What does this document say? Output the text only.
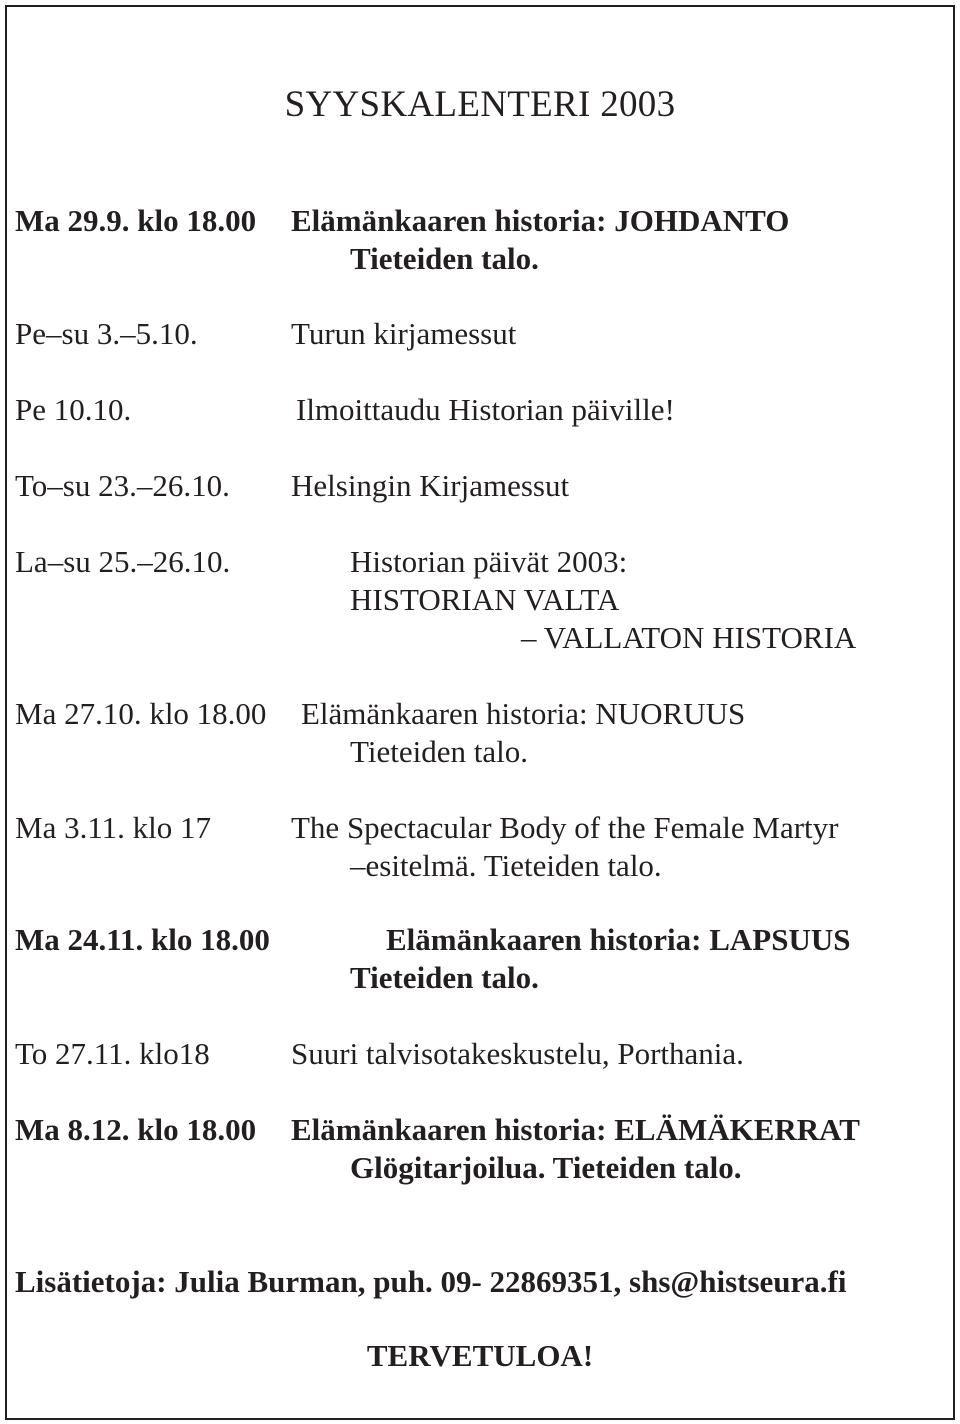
SYYSKALENTERI 2003
Ma 29.9. klo 18.00 Elämänkaaren historia: JOHDANTO
Tieteiden talo.
Pe–su 3.–5.10.	Turun kirjamessut
Pe 10.10.	Ilmoittaudu Historian päiville!
To–su 23.–26.10. Helsingin Kirjamessut
La–su 25.–26.10.	Historian päivät 2003:
HISTORIAN VALTA
– VALLATON HISTORIA
Ma 27.10. klo 18.00 Elämänkaaren historia: NUORUUS
Tieteiden talo.
Ma 3.11. klo 17	The Spectacular Body of the Female Martyr
–esitelmä. Tieteiden talo.
Ma 24.11. klo 18.00	Elämänkaaren historia: LAPSUUS
Tieteiden talo.
To 27.11. klo18	Suuri talvisotakeskustelu, Porthania.
Ma 8.12. klo 18.00 Elämänkaaren historia: ELÄMÄKERRAT
Glögitarjoilua. Tieteiden talo.
Lisätietoja: Julia Burman, puh. 09- 22869351, shs@histseura.fi
TERVETULOA!
